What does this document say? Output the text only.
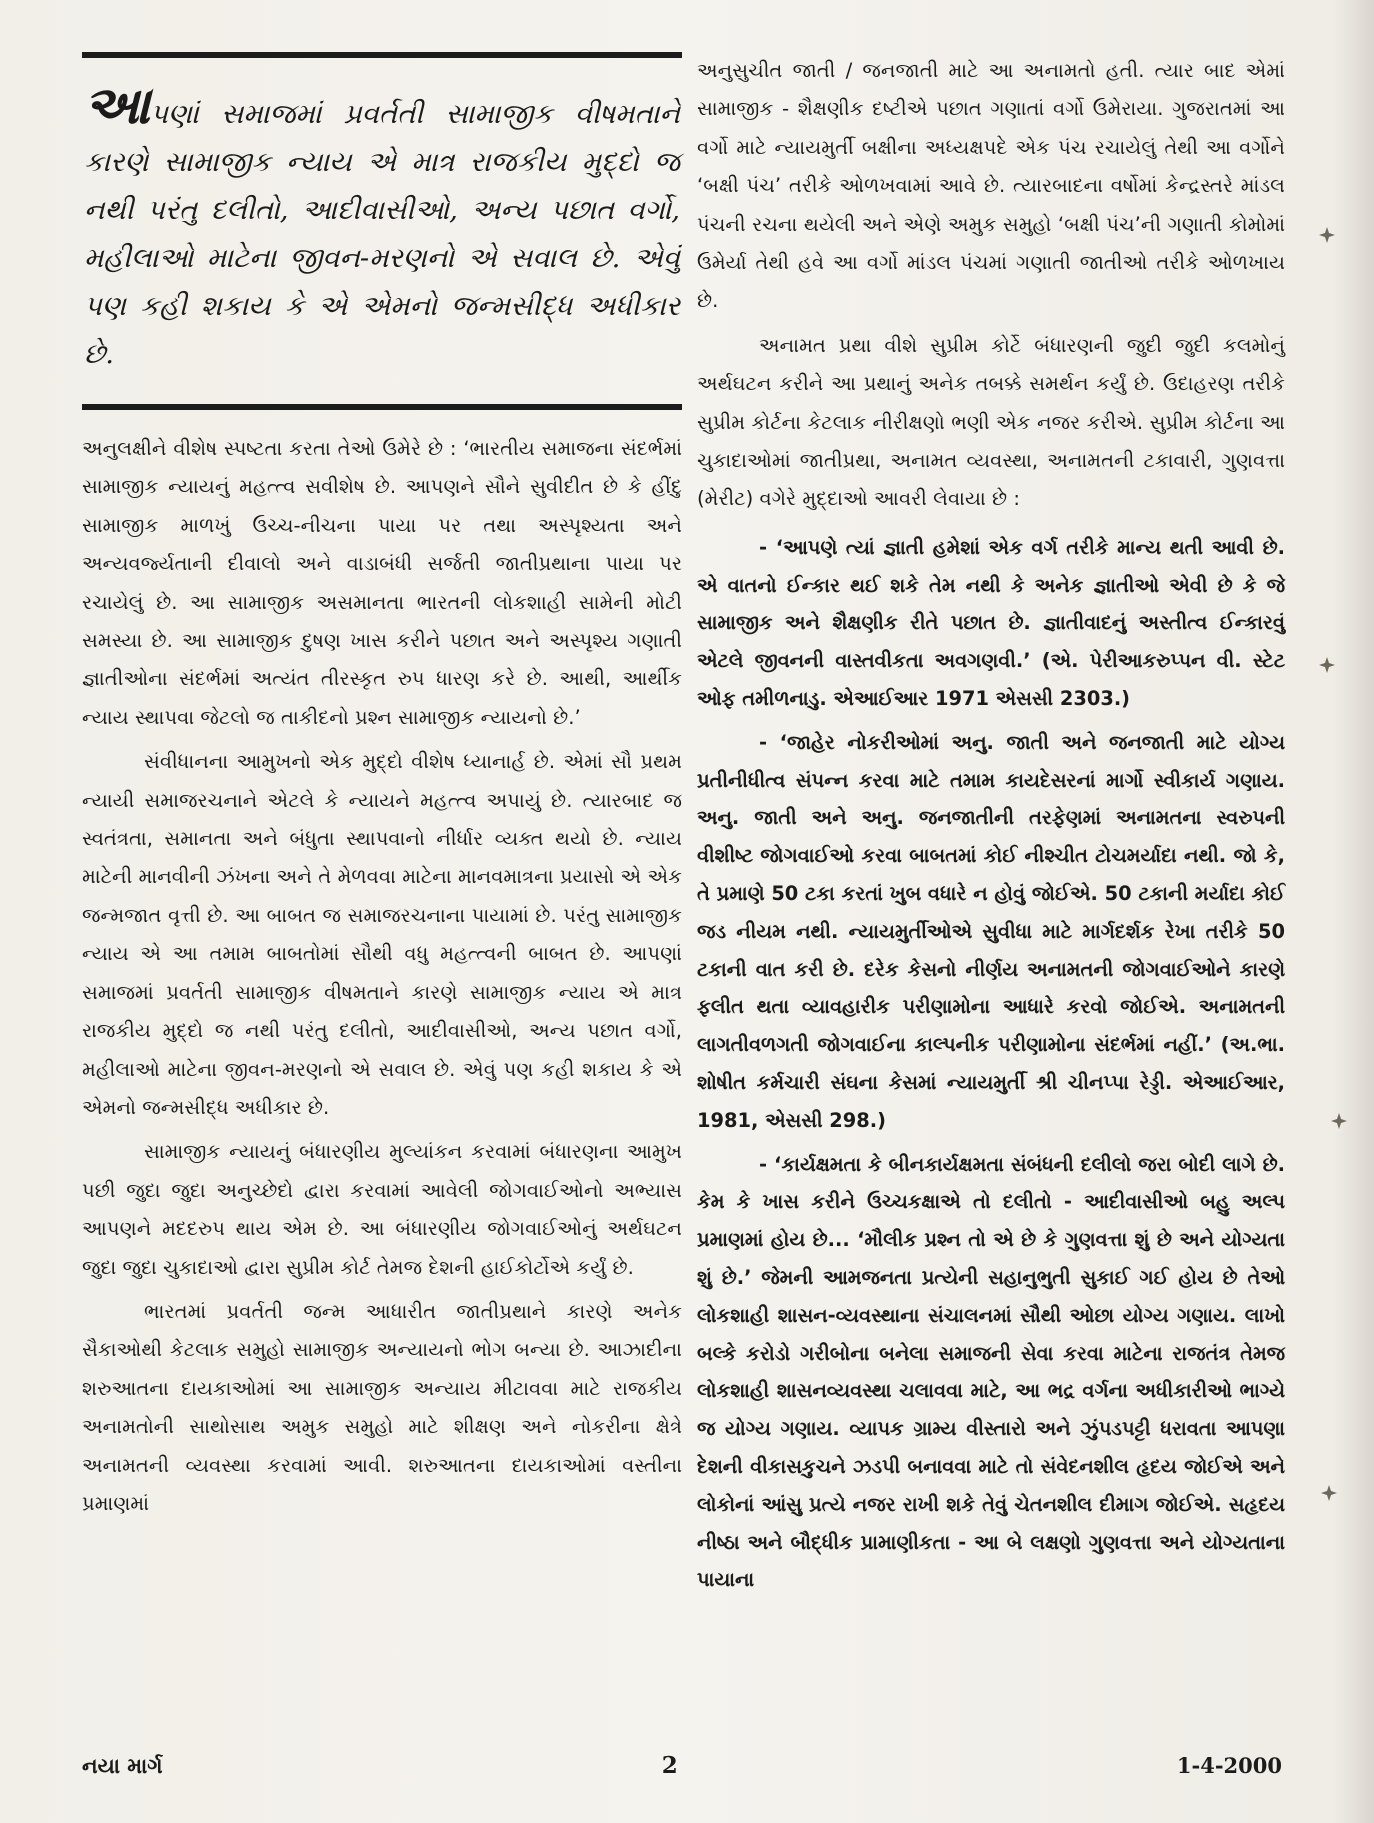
આપણાં સમાજમાં પ્રવર્તતી સામાજીક વીષમતાને કારણે સામાજીક ન્યાય એ માત્ર રાજકીય મુદ્દો જ નથી પરંતુ દલીતો, આદીવાસીઓ, અન્ય પછાત વર્ગો, મહીલાઓ માટેના જીવન-મરણનો એ સવાલ છે. એવું પણ કહી શકાય કે એ એમનો જન્મસીદ્ધ અધીકાર છે.

અનુલક્ષીને વીશેષ સ્પષ્ટતા કરતા તેઓ ઉમેરે છે : ‘ભારતીય સમાજના સંદર્ભમાં સામાજીક ન્યાયનું મહત્ત્વ સવીશેષ છે. આપણને સૌને સુવીદીત છે કે હીંદુ સામાજીક માળખું ઉચ્ચ-નીચના પાયા પર તથા અસ્પૃશ્યતા અને અન્યવર્જ્યતાની દીવાલો અને વાડાબંધી સર્જતી જાતીપ્રથાના પાયા પર રચાયેલું છે. આ સામાજીક અસમાનતા ભારતની લોકશાહી સામેની મોટી સમસ્યા છે. આ સામાજીક દુષણ ખાસ કરીને પછાત અને અસ્પૃશ્ય ગણાતી જ્ઞાતીઓના સંદર્ભમાં અત્યંત તીરસ્કૃત રુપ ધારણ કરે છે. આથી, આર્થીક ન્યાય સ્થાપવા જેટલો જ તાકીદનો પ્રશ્ન સામાજીક ન્યાયનો છે.’

સંવીધાનના આમુખનો એક મુદ્દો વીશેષ ધ્યાનાર્હ છે. એમાં સૌ પ્રથમ ન્યાયી સમાજરચનાને એટલે કે ન્યાયને મહત્ત્વ અપાયું છે. ત્યારબાદ જ સ્વતંત્રતા, સમાનતા અને બંધુતા સ્થાપવાનો નીર્ધાર વ્યક્ત થયો છે. ન્યાય માટેની માનવીની ઝંખના અને તે મેળવવા માટેના માનવમાત્રના પ્રયાસો એ એક જન્મજાત વૃત્તી છે. આ બાબત જ સમાજરચનાના પાયામાં છે. પરંતુ સામાજીક ન્યાય એ આ તમામ બાબતોમાં સૌથી વધુ મહત્ત્વની બાબત છે. આપણાં સમાજમાં પ્રવર્તતી સામાજીક વીષમતાને કારણે સામાજીક ન્યાય એ માત્ર રાજકીય મુદ્દો જ નથી પરંતુ દલીતો, આદીવાસીઓ, અન્ય પછાત વર્ગો, મહીલાઓ માટેના જીવન-મરણનો એ સવાલ છે. એવું પણ કહી શકાય કે એ એમનો જન્મસીદ્ધ અધીકાર છે.

સામાજીક ન્યાયનું બંધારણીય મુલ્યાંકન કરવામાં બંધારણના આમુખ પછી જુદા જુદા અનુચ્છેદો દ્વારા કરવામાં આવેલી જોગવાઈઓનો અભ્યાસ આપણને મદદરુપ થાય એમ છે. આ બંધારણીય જોગવાઈઓનું અર્થઘટન જુદા જુદા ચુકાદાઓ દ્વારા સુપ્રીમ કોર્ટ તેમજ દેશની હાઈકોર્ટોએ કર્યું છે.

ભારતમાં પ્રવર્તતી જન્મ આધારીત જાતીપ્રથાને કારણે અનેક સૈકાઓથી કેટલાક સમુહો સામાજીક અન્યાયનો ભોગ બન્યા છે. આઝાદીના શરુઆતના દાયકાઓમાં આ સામાજીક અન્યાય મીટાવવા માટે રાજકીય અનામતોની સાથોસાથ અમુક સમુહો માટે શીક્ષણ અને નોકરીના ક્ષેત્રે અનામતની વ્યવસ્થા કરવામાં આવી. શરુઆતના દાયકાઓમાં વસ્તીના પ્રમાણમાં

અનુસુચીત જાતી / જનજાતી માટે આ અનામતો હતી. ત્યાર બાદ એમાં સામાજીક - શૈક્ષણીક દષ્ટીએ પછાત ગણાતાં વર્ગો ઉમેરાયા. ગુજરાતમાં આ વર્ગો માટે ન્યાયમુર્તી બક્ષીના અધ્યક્ષપદે એક પંચ રચાયેલું તેથી આ વર્ગોને ‘બક્ષી પંચ’ તરીકે ઓળખવામાં આવે છે. ત્યારબાદના વર્ષોમાં કેન્દ્રસ્તરે માંડલ પંચની રચના થયેલી અને એણે અમુક સમુહો ‘બક્ષી પંચ’ની ગણાતી કોમોમાં ઉમેર્યા તેથી હવે આ વર્ગો માંડલ પંચમાં ગણાતી જાતીઓ તરીકે ઓળખાય છે.

અનામત પ્રથા વીશે સુપ્રીમ કોર્ટે બંધારણની જુદી જુદી કલમોનું અર્થઘટન કરીને આ પ્રથાનું અનેક તબક્કે સમર્થન કર્યું છે. ઉદાહરણ તરીકે સુપ્રીમ કોર્ટના કેટલાક નીરીક્ષણો ભણી એક નજર કરીએ. સુપ્રીમ કોર્ટના આ ચુકાદાઓમાં જાતીપ્રથા, અનામત વ્યવસ્થા, અનામતની ટકાવારી, ગુણવત્તા (મેરીટ) વગેરે મુદ્દાઓ આવરી લેવાયા છે :

- ‘આપણે ત્યાં જ્ઞાતી હમેશાં એક વર્ગ તરીકે માન્ય થતી આવી છે. એ વાતનો ઈન્કાર થઈ શકે તેમ નથી કે અનેક જ્ઞાતીઓ એવી છે કે જે સામાજીક અને શૈક્ષણીક રીતે પછાત છે. જ્ઞાતીવાદનું અસ્તીત્વ ઈન્કારવું એટલે જીવનની વાસ્તવીકતા અવગણવી.’ (એ. પેરીઆકરુપ્પન વી. સ્ટેટ ઓફ તમીળનાડુ. એઆઈઆર 1971 એસસી 2303.)

- ‘જાહેર નોકરીઓમાં અનુ. જાતી અને જનજાતી માટે યોગ્ય પ્રતીનીધીત્વ સંપન્ન કરવા માટે તમામ કાયદેસરનાં માર્ગો સ્વીકાર્ય ગણાય. અનુ. જાતી અને અનુ. જનજાતીની તરફેણમાં અનામતના સ્વરુપની વીશીષ્ટ જોગવાઈઓ કરવા બાબતમાં કોઈ નીશ્ચીત ટોચમર્યાદા નથી. જો કે, તે પ્રમાણે 50 ટકા કરતાં ખુબ વધારે ન હોવું જોઈએ. 50 ટકાની મર્યાદા કોઈ જડ નીયમ નથી. ન્યાયમુર્તીઓએ સુવીધા માટે માર્ગદર્શક રેખા તરીકે 50 ટકાની વાત કરી છે. દરેક કેસનો નીર્ણય અનામતની જોગવાઈઓને કારણે ફલીત થતા વ્યાવહારીક પરીણામોના આધારે કરવો જોઈએ. અનામતની લાગતીવળગતી જોગવાઈના કાલ્પનીક પરીણામોના સંદર્ભમાં નહીં.’ (અ.ભા. શોષીત કર્મચારી સંઘના કેસમાં ન્યાયમુર્તી શ્રી ચીનપ્પા રેડ્ડી. એઆઈઆર, 1981, એસસી 298.)

- ‘કાર્યક્ષમતા કે બીનકાર્યક્ષમતા સંબંધની દલીલો જરા બોદી લાગે છે. કેમ કે ખાસ કરીને ઉચ્ચકક્ષાએ તો દલીતો - આદીવાસીઓ બહુ અલ્પ પ્રમાણમાં હોય છે... ‘મૌલીક પ્રશ્ન તો એ છે કે ગુણવત્તા શું છે અને યોગ્યતા શું છે.’ જેમની આમજનતા પ્રત્યેની સહાનુભુતી સુકાઈ ગઈ હોય છે તેઓ લોકશાહી શાસન-વ્યવસ્થાના સંચાલનમાં સૌથી ઓછા યોગ્ય ગણાય. લાખો બલ્કે કરોડો ગરીબોના બનેલા સમાજની સેવા કરવા માટેના રાજતંત્ર તેમજ લોકશાહી શાસનવ્યવસ્થા ચલાવવા માટે, આ ભદ્ર વર્ગના અધીકારીઓ ભાગ્યે જ યોગ્ય ગણાય. વ્યાપક ગ્રામ્ય વીસ્તારો અને ઝુંપડપટ્ટી ધરાવતા આપણા દેશની વીકાસકુચને ઝડપી બનાવવા માટે તો સંવેદનશીલ હૃદય જોઈએ અને લોકોનાં આંસુ પ્રત્યે નજર રાખી શકે તેવું ચેતનશીલ દીમાગ જોઈએ. સહૃદય નીષ્ઠા અને બૌદ્ધીક પ્રામાણીકતા - આ બે લક્ષણો ગુણવત્તા અને યોગ્યતાના પાયાના

નયા માર્ગ	2	1-4-2000
